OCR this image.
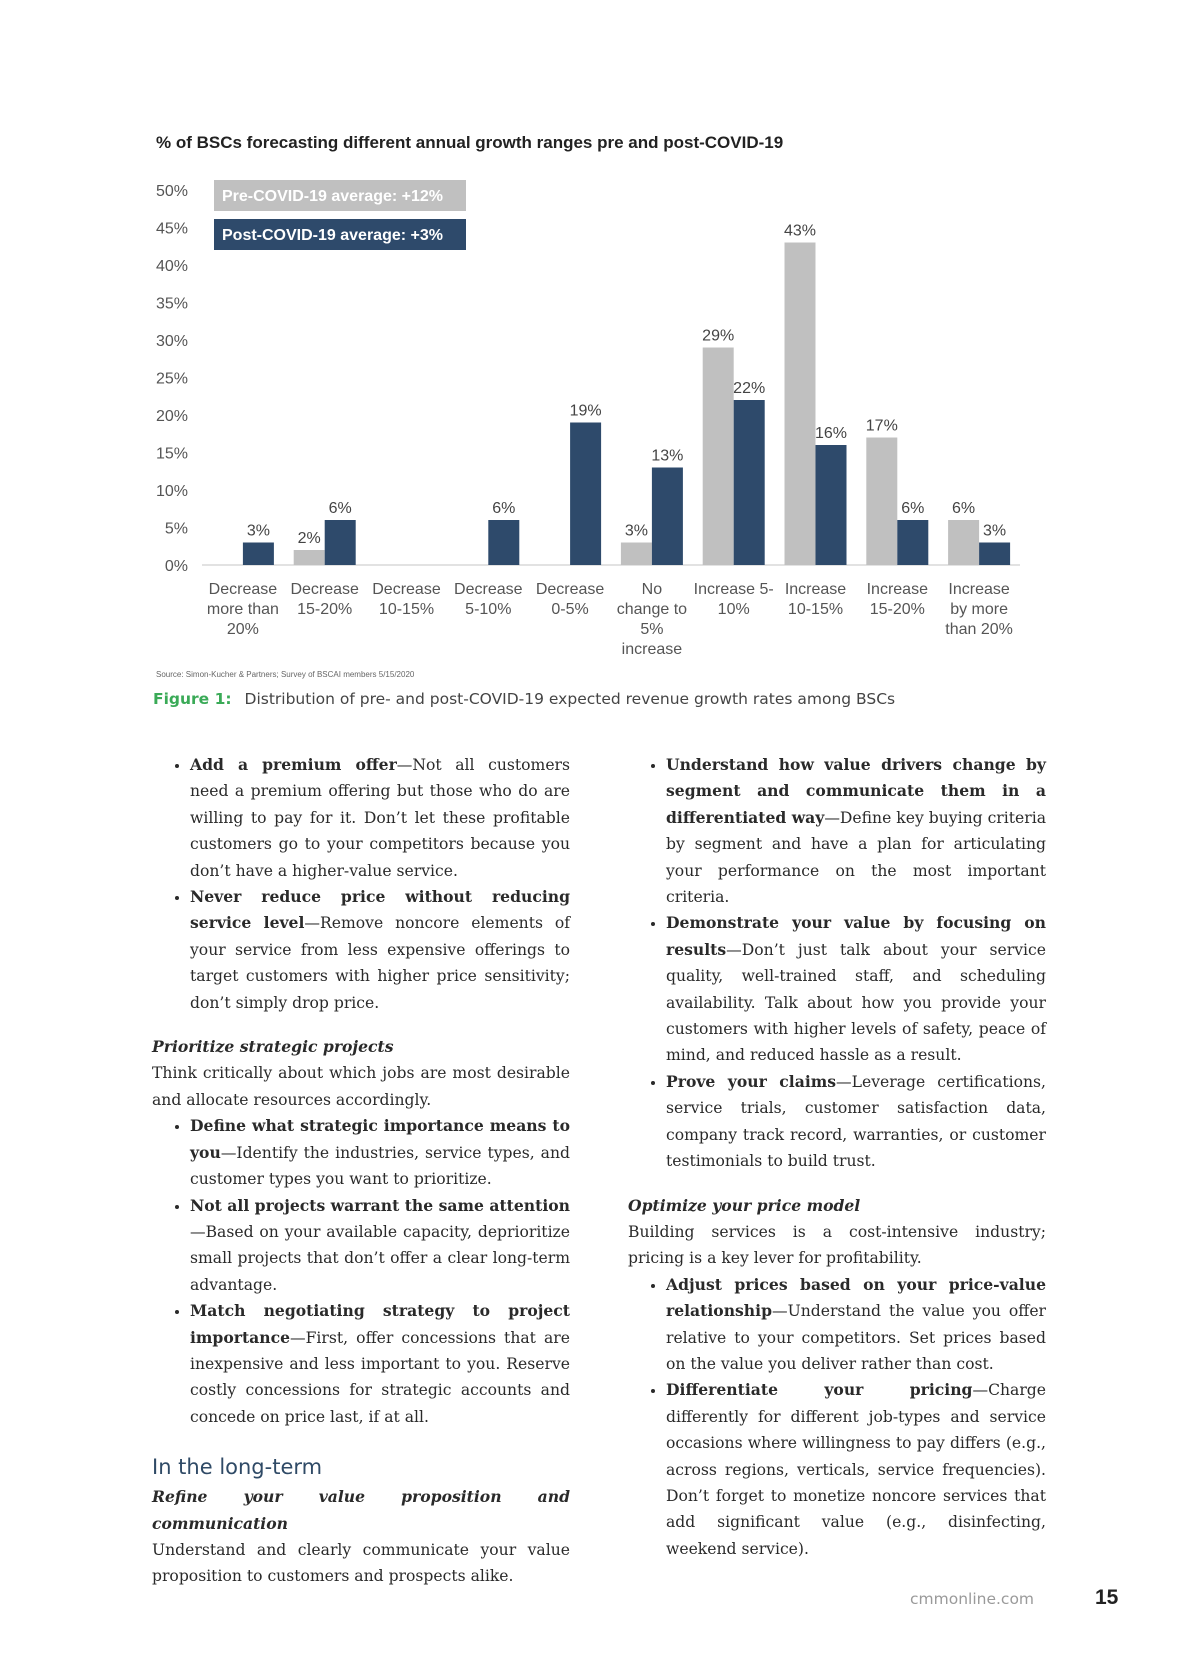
% of BSCs forecasting different annual growth ranges pre and post-COVID-19
0%
5%
10%
15%
20%
25%
30%
35%
40%
45%
50%
3% 2%
6%	6%
19%
3%
13%
29%
22%
43%
16% 17%
6% 6%
3%
Decrease more than 20%
Decrease 15-20%
Decrease 10-15%
Decrease 5-10%
Decrease 0-5%
No change to 5% increase
Increase 5-10%
Increase 10-15%
Increase 15-20%
Increase by more than 20%
Pre-COVID-19 average: +12%
Post-COVID-19 average: +3%
Source: Simon-Kucher & Partners; Survey of BSCAI members 5/15/2020
Figure 1: Distribution of pre- and post-COVID-19 expected revenue growth rates among BSCs
• Add a premium offer—Not all customers need a premium offering but those who do are willing to pay for it. Don’t let these profitable customers go to your competitors because you don’t have a higher-value service.
• Never reduce price without reducing service level—Remove noncore elements of your service from less expensive offerings to target customers with higher price sensitivity; don’t simply drop price.

Prioritize strategic projects

Think critically about which jobs are most desirable and allocate resources accordingly.

• Define what strategic importance means to you—Identify the industries, service types, and customer types you want to prioritize.
• Not all projects warrant the same attention—Based on your available capacity, deprioritize small projects that don’t offer a clear long-term advantage.
• Match negotiating strategy to project importance—First, offer concessions that are inexpensive and less important to you. Reserve costly concessions for strategic accounts and concede on price last, if at all.
In the long-term

Refine your value proposition and communication

Understand and clearly communicate your value proposition to customers and prospects alike.

• Understand how value drivers change by segment and communicate them in a differentiated way—Define key buying criteria by segment and have a plan for articulating your performance on the most important criteria.
• Demonstrate your value by focusing on results—Don’t just talk about your service quality, well-trained staff, and scheduling availability. Talk about how you provide your customers with higher levels of safety, peace of mind, and reduced hassle as a result.
• Prove your claims—Leverage certifications, service trials, customer satisfaction data, company track record, warranties, or customer testimonials to build trust.

Optimize your price model

Building services is a cost-intensive industry; pricing is a key lever for profitability.

• Adjust prices based on your price-value relationship—Understand the value you offer relative to your competitors. Set prices based on the value you deliver rather than cost.
• Differentiate your pricing—Charge differently for different job-types and service occasions where willingness to pay differs (e.g., across regions, verticals, service frequencies). Don’t forget to monetize noncore services that add significant value (e.g., disinfecting, weekend service).
cmmonline.com	15
